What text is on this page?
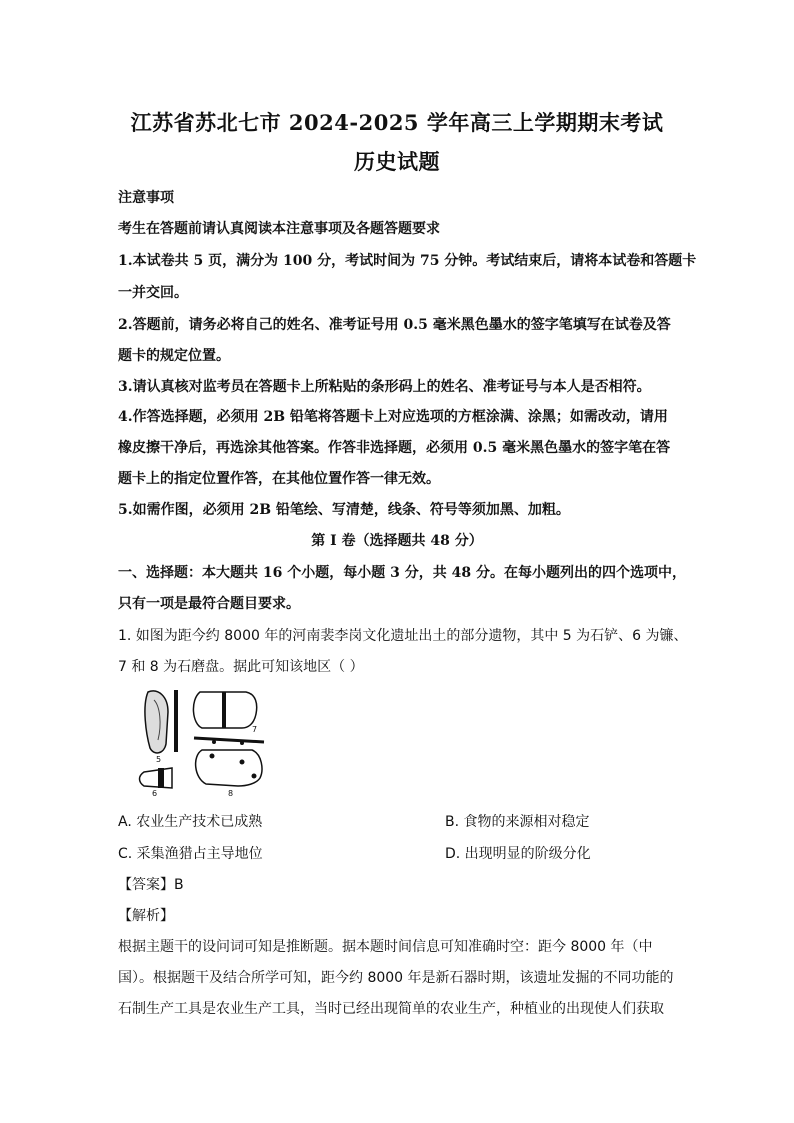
江苏省苏北七市 2024-2025 学年高三上学期期末考试
历史试题
注意事项
考生在答题前请认真阅读本注意事项及各题答题要求
1.本试卷共 5 页，满分为 100 分，考试时间为 75 分钟。考试结束后，请将本试卷和答题卡
一并交回。
2.答题前，请务必将自己的姓名、准考证号用 0.5 毫米黑色墨水的签字笔填写在试卷及答
题卡的规定位置。
3.请认真核对监考员在答题卡上所粘贴的条形码上的姓名、准考证号与本人是否相符。
4.作答选择题，必须用 2B 铅笔将答题卡上对应选项的方框涂满、涂黑；如需改动，请用
橡皮擦干净后，再选涂其他答案。作答非选择题，必须用 0.5 毫米黑色墨水的签字笔在答
题卡上的指定位置作答，在其他位置作答一律无效。
5.如需作图，必须用 2B 铅笔绘、写清楚，线条、符号等须加黑、加粗。
第 I 卷（选择题共 48 分）
一、选择题：本大题共 16 个小题，每小题 3 分，共 48 分。在每小题列出的四个选项中，
只有一项是最符合题目要求。
1. 如图为距今约 8000 年的河南裴李岗文化遗址出土的部分遗物，其中 5 为石铲、6 为镰、
7 和 8 为石磨盘。据此可知该地区（ ）
5
6
7
8
A. 农业生产技术已成熟	B. 食物的来源相对稳定
C. 采集渔猎占主导地位	D. 出现明显的阶级分化
【答案】B
【解析】
根据主题干的设问词可知是推断题。据本题时间信息可知准确时空：距今 8000 年（中
国）。根据题干及结合所学可知，距今约 8000 年是新石器时期，该遗址发掘的不同功能的
石制生产工具是农业生产工具，当时已经出现简单的农业生产，种植业的出现使人们获取
